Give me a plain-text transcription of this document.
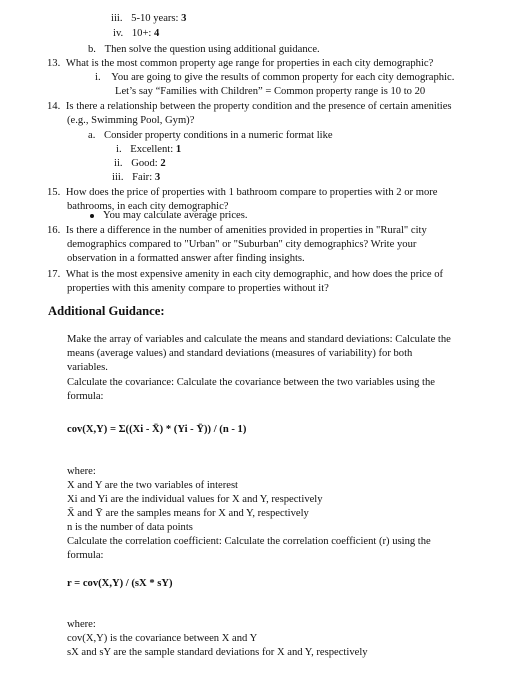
iii. 5-10 years: 3
iv. 10+: 4
b. Then solve the question using additional guidance.
13. What is the most common property age range for properties in each city demographic?
i. You are going to give the results of common property for each city demographic.
Let’s say “Families with Children” = Common property range is 10 to 20
14. Is there a relationship between the property condition and the presence of certain amenities
(e.g., Swimming Pool, Gym)?
a. Consider property conditions in a numeric format like
i. Excellent: 1
ii. Good: 2
iii. Fair: 3
15. How does the price of properties with 1 bathroom compare to properties with 2 or more
bathrooms, in each city demographic?
You may calculate average prices.
16. Is there a difference in the number of amenities provided in properties in "Rural" city
demographics compared to "Urban" or "Suburban" city demographics? Write your
observation in a formatted answer after finding insights.
17. What is the most expensive amenity in each city demographic, and how does the price of
properties with this amenity compare to properties without it?
Additional Guidance:
Make the array of variables and calculate the means and standard deviations: Calculate the
means (average values) and standard deviations (measures of variability) for both
variables.
Calculate the covariance: Calculate the covariance between the two variables using the
formula:
cov(X,Y) = Σ((Xi - X̄) * (Yi - Ȳ)) / (n - 1)
where:
X and Y are the two variables of interest
Xi and Yi are the individual values for X and Y, respectively
X̄ and Ȳ are the samples means for X and Y, respectively
n is the number of data points
Calculate the correlation coefficient: Calculate the correlation coefficient (r) using the
formula:
r = cov(X,Y) / (sX * sY)
where:
cov(X,Y) is the covariance between X and Y
sX and sY are the sample standard deviations for X and Y, respectively
